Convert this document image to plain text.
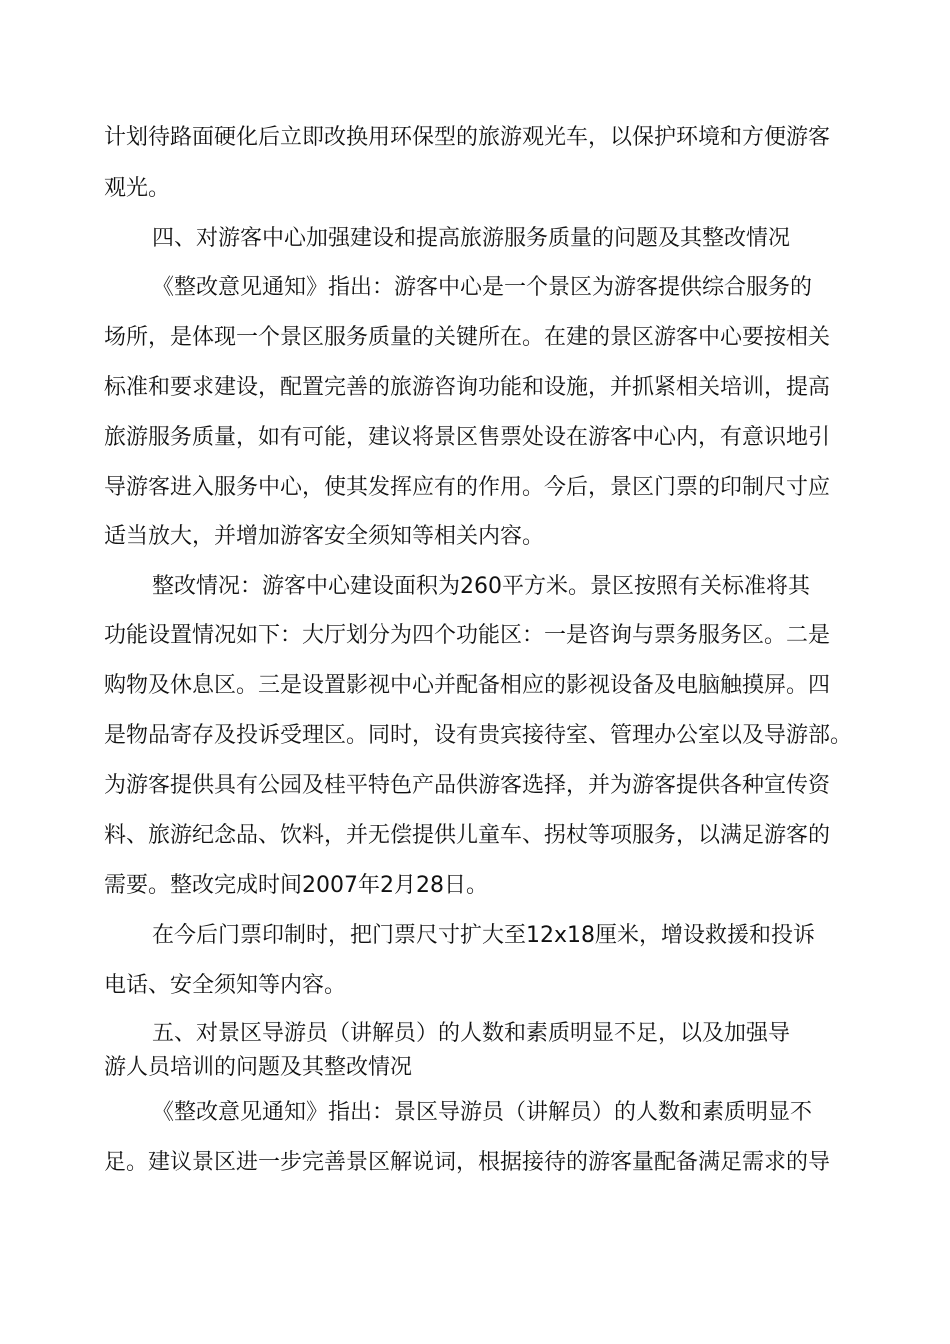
计划待路面硬化后立即改换用环保型的旅游观光车，以保护环境和方便游客
观光。
四、对游客中心加强建设和提高旅游服务质量的问题及其整改情况
《整改意见通知》指出：游客中心是一个景区为游客提供综合服务的
场所，是体现一个景区服务质量的关键所在。在建的景区游客中心要按相关
标准和要求建设，配置完善的旅游咨询功能和设施，并抓紧相关培训，提高
旅游服务质量，如有可能，建议将景区售票处设在游客中心内，有意识地引
导游客进入服务中心，使其发挥应有的作用。今后，景区门票的印制尺寸应
适当放大，并增加游客安全须知等相关内容。
整改情况：游客中心建设面积为260平方米。景区按照有关标准将其
功能设置情况如下：大厅划分为四个功能区：一是咨询与票务服务区。二是
购物及休息区。三是设置影视中心并配备相应的影视设备及电脑触摸屏。四
是物品寄存及投诉受理区。同时，设有贵宾接待室、管理办公室以及导游部。
为游客提供具有公园及桂平特色产品供游客选择，并为游客提供各种宣传资
料、旅游纪念品、饮料，并无偿提供儿童车、拐杖等项服务，以满足游客的
需要。整改完成时间2007年2月28日。
在今后门票印制时，把门票尺寸扩大至12x18厘米，增设救援和投诉
电话、安全须知等内容。
五、对景区导游员（讲解员）的人数和素质明显不足，以及加强导
游人员培训的问题及其整改情况
《整改意见通知》指出：景区导游员（讲解员）的人数和素质明显不
足。建议景区进一步完善景区解说词，根据接待的游客量配备满足需求的导
